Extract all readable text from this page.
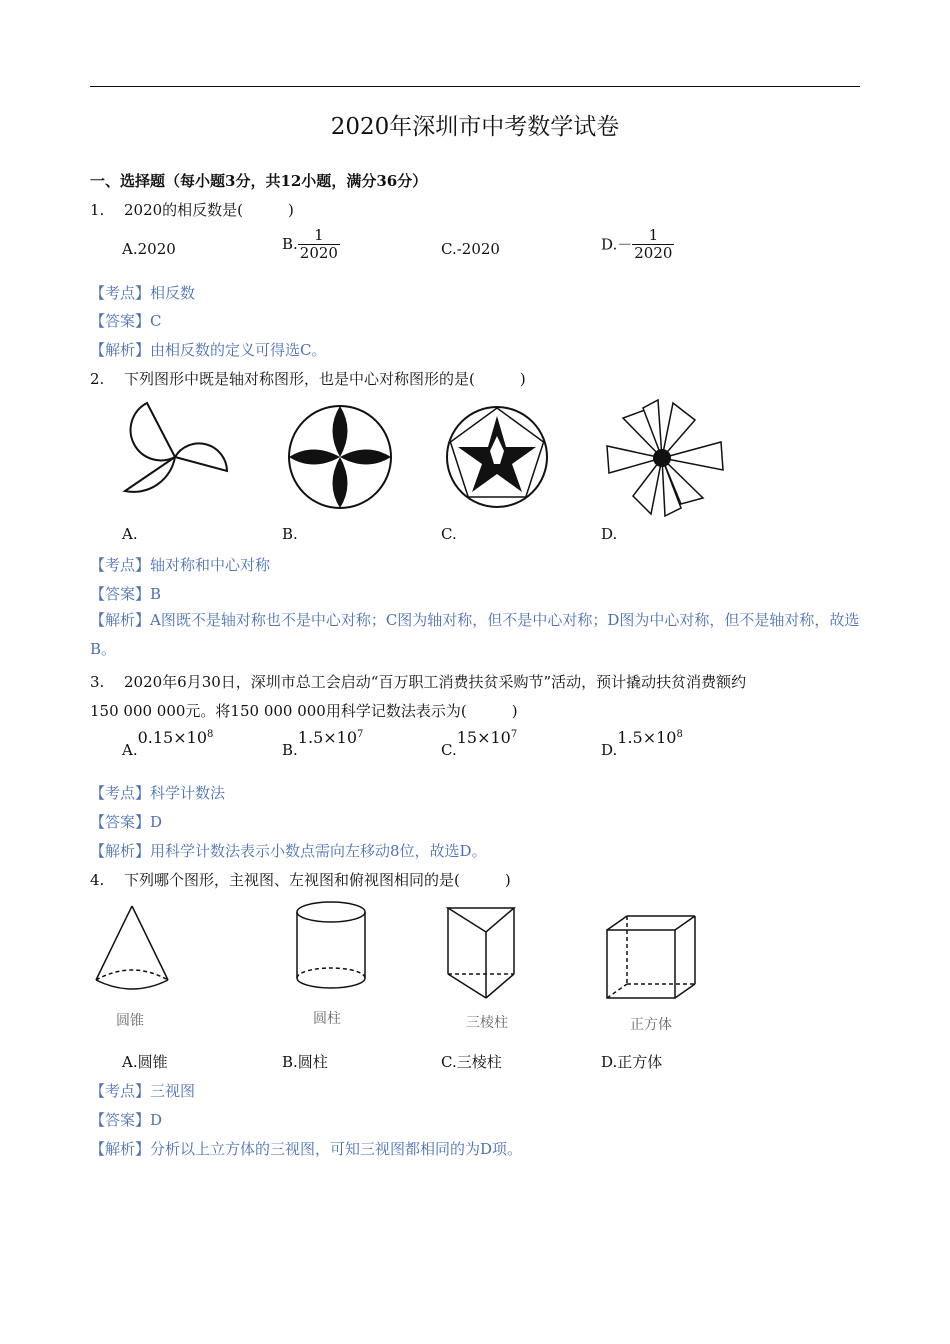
2020年深圳市中考数学试卷
一、选择题（每小题3分，共12小题，满分36分）
1. 2020的相反数是(　　　)
A.2020	B. $\frac{1}{2020}$	C.-2020	$D.- \frac{1}{2020}$
【考点】相反数
【答案】C
【解析】由相反数的定义可得选C。
2. 下列图形中既是轴对称图形，也是中心对称图形的是(　　　)
A.	B.	C.	D.
【考点】轴对称和中心对称
【答案】B
【解析】A图既不是轴对称也不是中心对称；C图为轴对称，但不是中心对称；D图为中心对称，但不是轴对称，故选B。
3. 2020年6月30日，深圳市总工会启动“百万职工消费扶贫采购节”活动，预计撬动扶贫消费额约
150 000 000元。将150 000 000用科学记数法表示为(　　　)
$A.0.15\times 10^8$
$B.1.5\times 10^7$
$C.15\times 10^7$
$D.1.5\times 10^8$
【考点】科学计数法
【答案】D
【解析】用科学计数法表示小数点需向左移动8位，故选D。
4. 下列哪个图形，主视图、左视图和俯视图相同的是(　　　)
圆锥	圆柱	三棱柱	正方体
A.圆锥	B.圆柱	C.三棱柱	D.正方体
【考点】三视图
【答案】D
【解析】分析以上立方体的三视图，可知三视图都相同的为D项。
